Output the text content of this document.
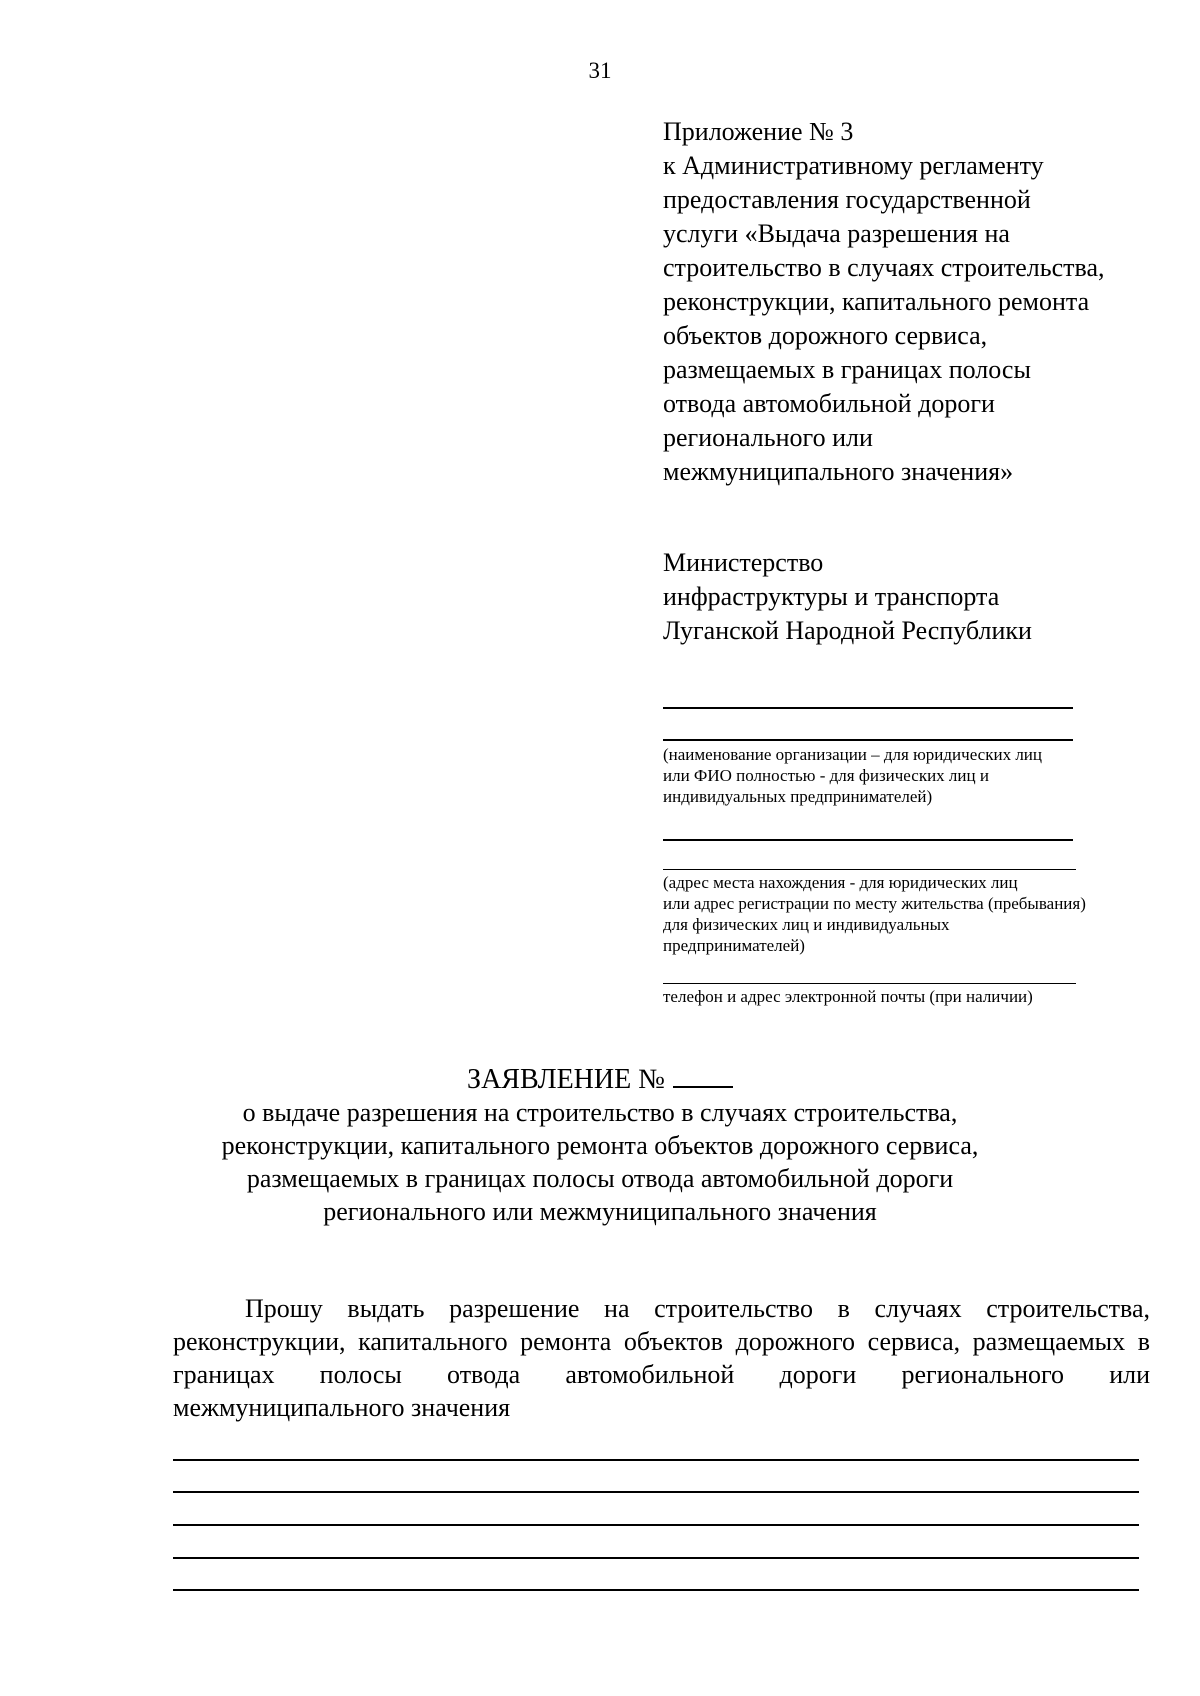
31
Приложение № 3
к Административному регламенту
предоставления государственной
услуги «Выдача разрешения на
строительство в случаях строительства,
реконструкции, капитального ремонта
объектов дорожного сервиса,
размещаемых в границах полосы
отвода автомобильной дороги
регионального или
межмуниципального значения»
Министерство
инфраструктуры и транспорта
Луганской Народной Республики
(наименование организации – для юридических лиц
или ФИО полностью - для физических лиц и
индивидуальных предпринимателей)
(адрес места нахождения - для юридических лиц
или адрес регистрации по месту жительства (пребывания)
для физических лиц и индивидуальных
предпринимателей)
телефон и адрес электронной почты (при наличии)
ЗАЯВЛЕНИЕ №
о выдаче разрешения на строительство в случаях строительства,
реконструкции, капитального ремонта объектов дорожного сервиса,
размещаемых в границах полосы отвода автомобильной дороги
регионального или межмуниципального значения
Прошу выдать разрешение на строительство в случаях строительства, реконструкции, капитального ремонта объектов дорожного сервиса, размещаемых в границах полосы отвода автомобильной дороги регионального или межмуниципального значения
